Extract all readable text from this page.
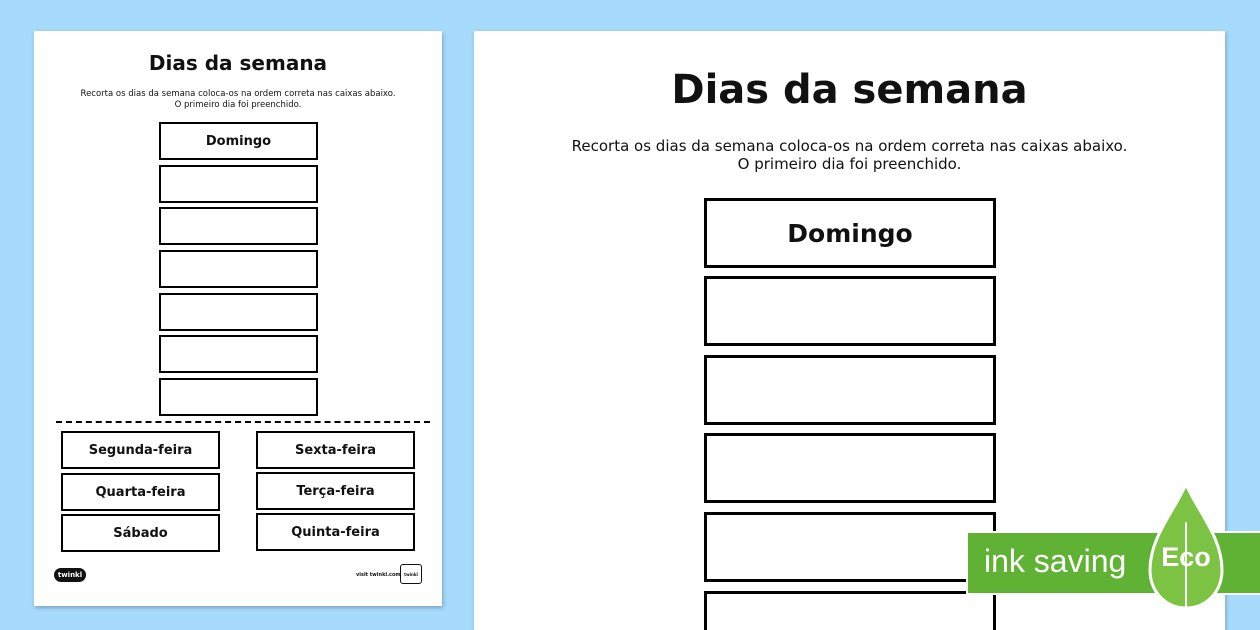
Dias da semana
Recorta os dias da semana coloca-os na ordem correta nas caixas abaixo.
O primeiro dia foi preenchido.
Domingo
Segunda-feira	Sexta-feira
Quarta-feira	Terça-feira
Sábado	Quinta-feira
twinkl	visit twinkl.com twinkl
Dias da semana
Recorta os dias da semana coloca-os na ordem correta nas caixas abaixo.
O primeiro dia foi preenchido.
Domingo
ink saving	Eco
